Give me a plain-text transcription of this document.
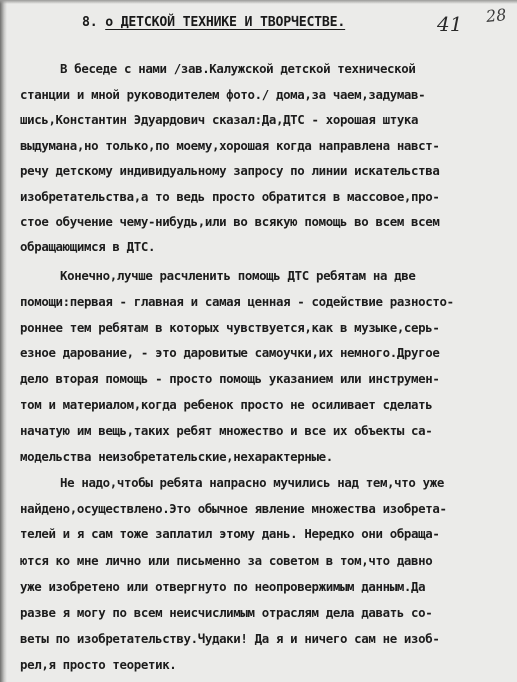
8. о ДЕТСКОЙ ТЕХНИКЕ И ТВОРЧЕСТВЕ.	41 28
В беседе с нами /зав.Калужской детской технической
станции и мной руководителем фото./ дома,за чаем,задумав-
шись,Константин Эдуардович сказал:Да,ДТС - хорошая штука
выдумана,но только,по моему,хорошая когда направлена навст-
речу детскому индивидуальному запросу по линии искательства
изобретательства,а то ведь просто обратится в массовое,про-
стое обучение чему-нибудь,или во всякую помощь во всем всем
обращающимся в ДТС.
Конечно,лучше расчленить помощь ДТС ребятам на две
помощи:первая - главная и самая ценная - содействие разносто-
роннее тем ребятам в которых чувствуется,как в музыке,серь-
езное дарование, - это даровитые самоучки,их немного.Другое
дело вторая помощь - просто помощь указанием или инструмен-
том и материалом,когда ребенок просто не осиливает сделать
начатую им вещь,таких ребят множество и все их объекты са-
модельства неизобретательские,нехарактерные.
Не надо,чтобы ребята напрасно мучились над тем,что уже
найдено,осуществлено.Это обычное явление множества изобрета-
телей и я сам тоже заплатил этому дань. Нередко они обраща-
ются ко мне лично или письменно за советом в том,что давно
уже изобретено или отвергнуто по неопровержимым данным.Да
разве я могу по всем неисчислимым отраслям дела давать со-
веты по изобретательству.Чудаки! Да я и ничего сам не изоб-
рел,я просто теоретик.
